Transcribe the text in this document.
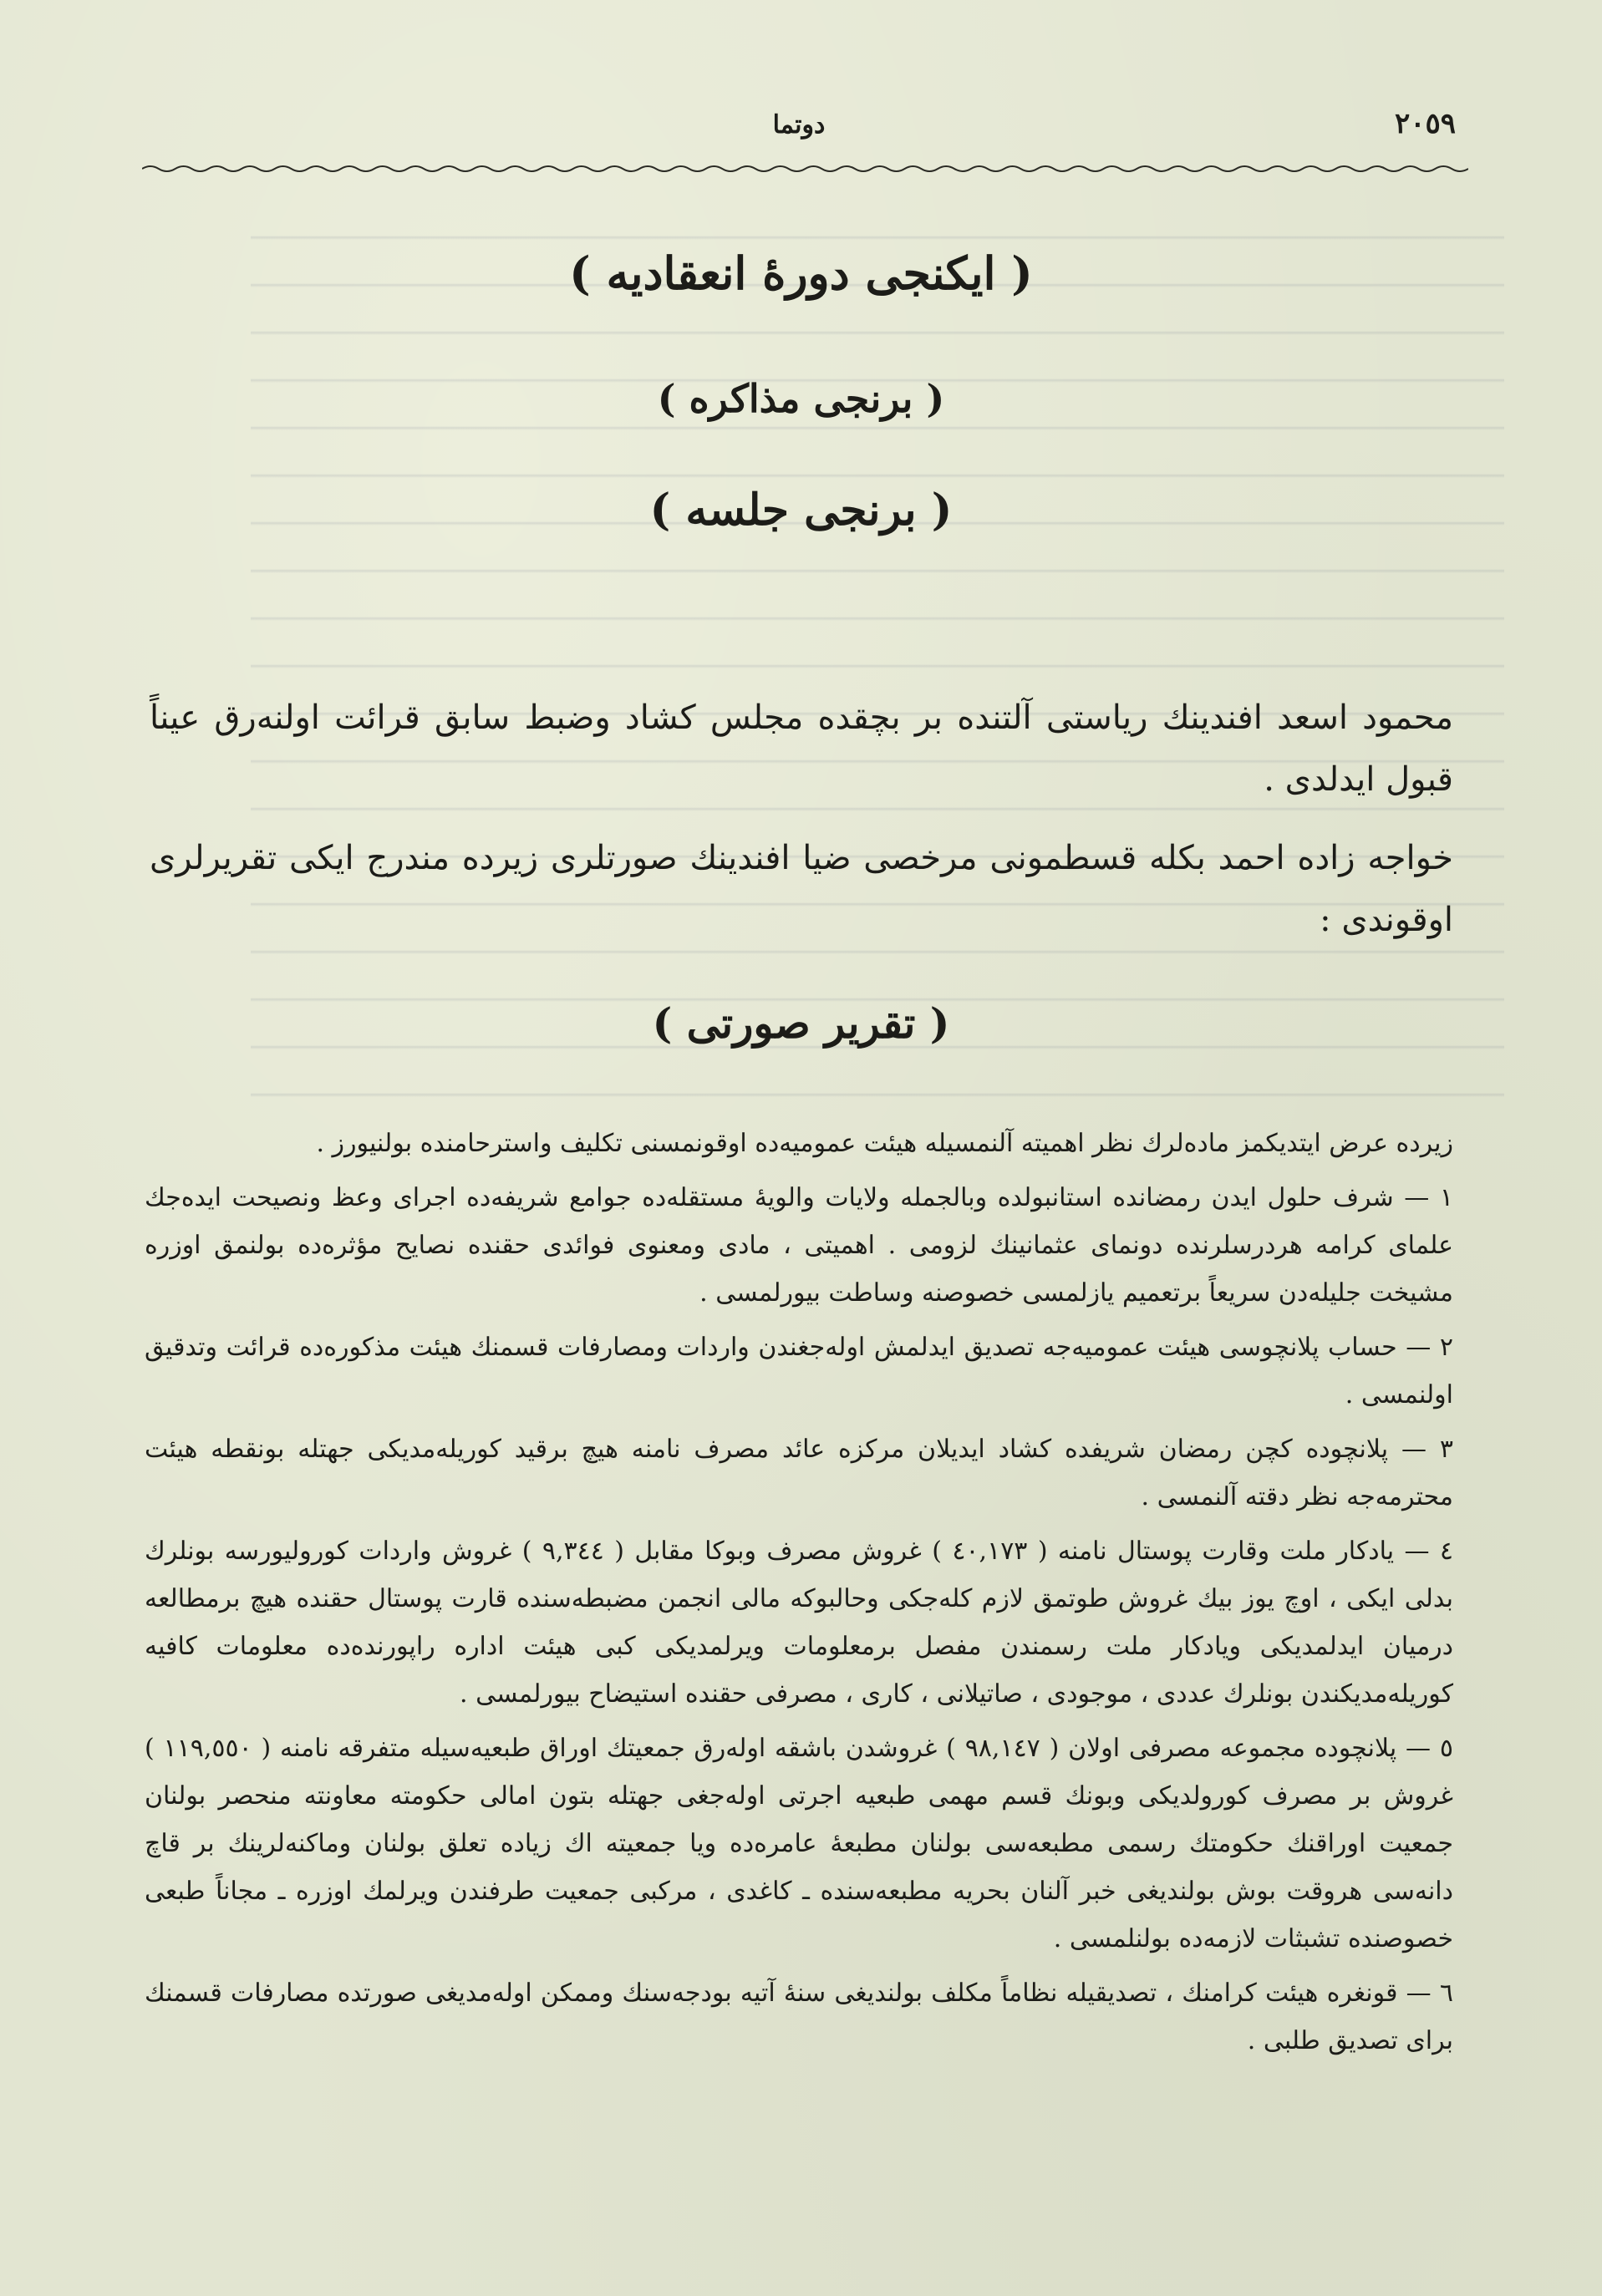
٢٠٥٩
دوتما
( ایکنجی دورهٔ انعقادیه )
( برنجی مذاکره )
( برنجی جلسه )
محمود اسعد افندینك ریاستی آلتنده بر بچقده مجلس کشاد وضبط سابق قرائت اولنه‌رق عیناً قبول ایدلدی .
خواجه زاده احمد بکله قسطمونی مرخصی ضیا افندینك صورتلری زیرده مندرج ایکی تقریرلری اوقوندی :
( تقریر صورتی )

زیرده عرض ایتدیکمز ماده‌لرك نظر اهمیته آلنمسیله هیئت عمومیه‌ده اوقونمسنی تکلیف واسترحامنده بولنیورز .

١ — شرف حلول ایدن رمضانده استانبولده وبالجمله ولایات والویهٔ مستقله‌ده جوامع شریفه‌ده اجرای وعظ ونصیحت ایده‌جك علمای کرامه هردرسلرنده دونمای عثمانینك لزومی . اهمیتی ، مادی ومعنوی فوائدی حقنده نصایح مؤثره‌ده بولنمق اوزره مشیخت جلیله‌دن سریعاً برتعمیم یازلمسی خصوصنه وساطت بیورلمسی .

٢ — حساب پلانچوسی هیئت عمومیه‌جه تصدیق ایدلمش اوله‌جغندن واردات ومصارفات قسمنك هیئت مذکوره‌ده قرائت وتدقیق اولنمسی .

٣ — پلانچوده کچن رمضان شریفده کشاد ایدیلان مرکزه عائد مصرف نامنه هیچ برقید کوریله‌مدیکی جهتله بونقطه هیئت محترمه‌جه نظر دقته آلنمسی .

٤ — یادکار ملت وقارت پوستال نامنه ( ٤٠,١٧٣ ) غروش مصرف وبوکا مقابل ( ٩,٣٤٤ ) غروش واردات کورولیورسه بونلرك بدلی ایکی ، اوچ یوز بیك غروش طوتمق لازم کله‌جکی وحالبوکه مالی انجمن مضبطه‌سنده قارت پوستال حقنده هیچ برمطالعه درمیان ایدلمدیکی ویادکار ملت رسمندن مفصل برمعلومات ویرلمدیکی کبی هیئت اداره راپورنده‌ده معلومات کافیه کوریله‌مدیکندن بونلرك عددی ، موجودی ، صاتیلانی ، کاری ، مصرفی حقنده استیضاح بیورلمسی .

٥ — پلانچوده مجموعه مصرفی اولان ( ٩٨,١٤٧ ) غروشدن باشقه اوله‌رق جمعیتك اوراق طبعیه‌سیله متفرقه نامنه ( ١١٩,٥٥٠ ) غروش بر مصرف کورولدیکی وبونك قسم مهمی طبعیه اجرتی اوله‌جغی جهتله بتون امالی حکومته معاونته منحصر بولنان جمعیت اوراقنك حکومتك رسمی مطبعه‌سی بولنان مطبعهٔ عامره‌ده ویا جمعیته اك زیاده تعلق بولنان وماکنه‌لرینك بر قاچ دانه‌سی هروقت بوش بولندیغی خبر آلنان بحریه مطبعه‌سنده ـ کاغدی ، مرکبی جمعیت طرفندن ویرلمك اوزره ـ مجاناً طبعی خصوصنده تشبثات لازمه‌ده بولنلمسی .

٦ — قونغره هیئت کرامنك ، تصدیقیله نظاماً مکلف بولندیغی سنهٔ آتیه بودجه‌سنك وممکن اوله‌مدیغی صورتده مصارفات قسمنك برای تصدیق طلبی .
